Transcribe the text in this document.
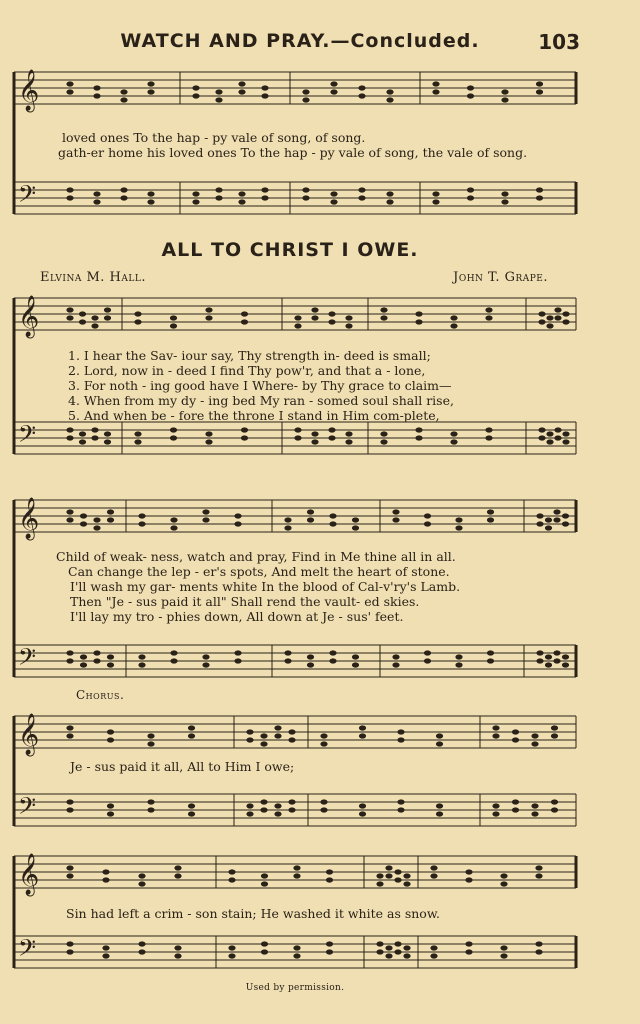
WATCH AND PRAY.—Concluded.	103
𝄞
𝄢
𝄞
𝄢
𝄞
𝄢
𝄞
𝄢
𝄞
𝄢
loved ones To the hap - py vale of song, of song.
gath-er home his loved ones To the hap - py vale of song, the vale of song.
ALL TO CHRIST I OWE.
Elvina M. Hall.	John T. Grape.
1. I hear the Sav- iour say, Thy strength in- deed is small;
2. Lord, now in - deed I find Thy pow'r, and that a - lone,
3. For noth - ing good have I Where- by Thy grace to claim—
4. When from my dy - ing bed My ran - somed soul shall rise,
5. And when be - fore the throne I stand in Him com-plete,
Child of weak- ness, watch and pray, Find in Me thine all in all.
Can change the lep - er's spots, And melt the heart of stone.
I'll wash my gar- ments white In the blood of Cal-v'ry's Lamb.
Then "Je - sus paid it all" Shall rend the vault- ed skies.
I'll lay my tro - phies down, All down at Je - sus' feet.
Chorus.
Je - sus paid it all, All to Him I owe;
Sin had left a crim - son stain; He washed it white as snow.
Used by permission.
